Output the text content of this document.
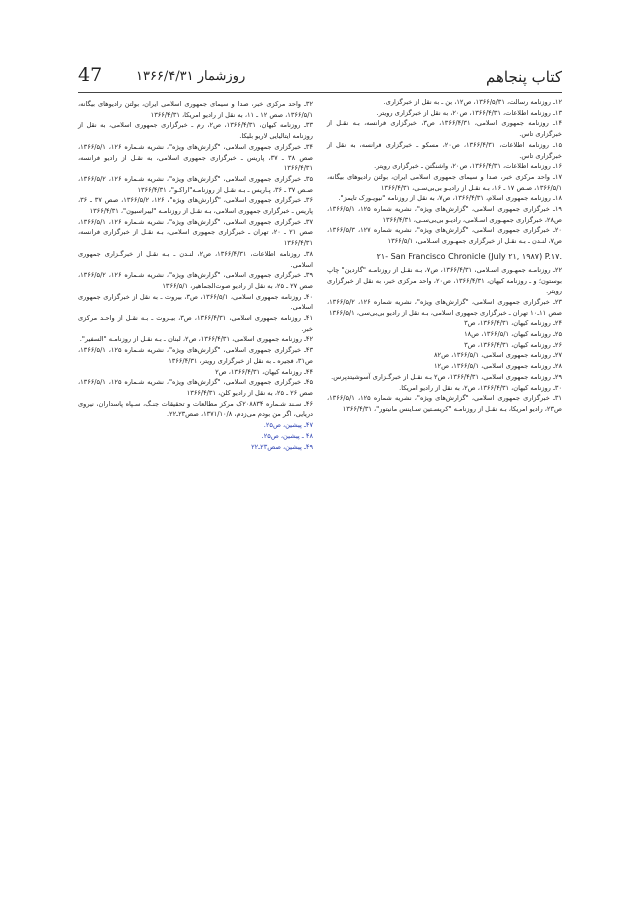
کتاب پنجاهم
روزشمار ۱۳۶۶/۴/۳۱
47
۱۲ـ روزنامه رسالت، ۱۳۶۶/۵/۳۱، ص۱۲، بن ـ به نقل از خبرگزاری.
۱۳ـ روزنامه اطلاعات، ۱۳۶۶/۴/۳۱، ص۲۰، به نقل از خبرگزاری رویتر.
۱۴ـ روزنامه جمهوری اسلامی، ۱۳۶۶/۴/۳۱، ص۳، خبرگزاری فرانسه، بـه نقـل از خبرگزاری تاس.
۱۵ـ روزنامه اطلاعات، ۱۳۶۶/۴/۳۱، ص۲۰، مسکو ـ خبرگزاری فرانسه، به نقل از خبرگزاری تاس.
۱۶ـ روزنامه اطلاعات، ۱۳۶۶/۴/۳۱، ص۲۰، واشنگتن ـ خبرگزاری رویتر.
۱۷ـ واحد مرکزی خبر، صدا و سیمای جمهوری اسلامی ایران، بولتن رادیوهای بیگانه، ۱۳۶۶/۵/۱، صـص ۱۷ ـ ۱۶، بـه نقـل از رادیـو بی‌بی‌سـی، ۱۳۶۶/۴/۳۱
۱۸ـ روزنامه جمهوری اسلام، ۱۳۶۶/۴/۳۱، ص۷، به نقل از روزنامه "نیویـورک تایمز".
۱۹ـ خبرگزاری جمهوری اسلامی، "گزارش‌های ویژه"، نشریه شماره ۱۲۵، ۱۳۶۶/۵/۱، ص۲۸، خبرگزاری جمهـوری اسـلامی، رادیـو بی‌بی‌سـی، ۱۳۶۶/۴/۳۱
۲۰ـ خبرگزاری جمهوری اسلامی، "گزارش‌های ویژه"، نشریه شماره ۱۲۷، ۱۳۶۶/۵/۳، ص۷، لنـدن ـ بـه نقـل از خبرگزاری جمهـوری اسـلامی، ۱۳۶۶/۵/۱
۲۱- San Francisco Chronicle (July ۲۱, ۱۹۸۷) P.۱۷.
۲۲ـ روزنامـه جمهـوری اسـلامی، ۱۳۶۶/۴/۳۱، ص۷، بـه نقـل از روزنامـه "گاردین" چاپ بوستون؛ و ـ روزنامه کیهان، ۱۳۶۶/۴/۳۱، ص۲۰، واحد مرکزی خبر، به نقل از خبرگزاری رویتر.
۲۳ـ خبرگزاری جمهوری اسلامی، "گزارش‌های ویژه"، نشریه شماره ۱۲۶، ۱۳۶۶/۵/۲، صص ۱۱ـ۱۰ تهران ـ خبرگزاری جمهوری اسلامی، بـه نقل از رادیو بی‌بی‌سی، ۱۳۶۶/۵/۱
۲۴ـ روزنامه کیهان، ۱۳۶۶/۴/۳۱، ص۳
۲۵ـ روزنامه کیهان، ۱۳۶۶/۵/۱، ص۱۸
۲۶ـ روزنامه کیهان، ۱۳۶۶/۴/۳۱، ص۳
۲۷ـ روزنامه جمهوری اسلامی، ۱۳۶۶/۵/۱، ص۸۲
۲۸ـ روزنامه جمهوری اسلامی، ۱۳۶۶/۵/۱، ص۱۲
۲۹ـ روزنامه جمهوری اسلامی، ۱۳۶۶/۴/۳۱، ص۲ بـه نقـل از خبرگـزاری آسوشیتدپرس.
۳۰ـ روزنامه کیهان، ۱۳۶۶/۴/۳۱، ص۲، به نقل از رادیو امریکا.
۳۱ـ خبرگزاری جمهوری اسلامی، "گزارش‌های ویژه"، نشریه شماره ۱۲۵، ۱۳۶۶/۵/۱، ص۲۳، رادیو امریکا، بـه نقـل از روزنامـه "کریسـتین سـاینس مانیتور"، ۱۳۶۶/۴/۳۱
۳۲ـ واحد مرکزی خبر، صدا و سیمای جمهوری اسلامی ایران، بولتن رادیوهای بیگانه، ۱۳۶۶/۵/۱، صص ۱۲ ـ ۱۱، به نقل از رادیو امریکا، ۱۳۶۶/۴/۳۱
۳۳ـ روزنامه کیهان، ۱۳۶۶/۴/۳۱، ص۲، رم ـ خبرگزاری جمهوری اسلامی، به نقل از روزنامه ایتالیایی لاریو بلیکا.
۳۴ـ خبرگزاری جمهوری اسلامی، "گزارش‌های ویژه"، نشریه شـماره ۱۲۶، ۱۳۶۶/۵/۱، صص ۳۸ ـ ۳۷، پاریس ـ خبرگزاری جمهوری اسلامی، به نقـل از رادیو فرانسه، ۱۳۶۶/۴/۳۱
۳۵ـ خبرگزاری جمهوری اسلامی، "گزارش‌های ویژه"، نشریه شـماره ۱۲۶، ۱۳۶۶/۵/۲، صـص ۳۷ ـ ۳۶، پـاریس ـ بـه نقـل از روزنامـه"اراکـو"، ۱۳۶۶/۴/۳۱
۳۶ـ خبرگزاری جمهوری اسلامی، "گزارش‌های ویژه"، ۱۲۶، ۱۳۶۶/۵/۲، صص ۳۷ ـ ۳۶، پاریس ـ خبرگزاری جمهوری اسلامی، بـه نقـل از روزنامـه "لیبراسیون"، ۱۳۶۶/۴/۳۱
۳۷ـ خبرگزاری جمهوری اسلامی، "گزارش‌های ویژه"، نشریه شـماره ۱۲۶، ۱۳۶۶/۵/۱، صص ۲۱ ـ ۲۰، تهران ـ خبرگزاری جمهوری اسلامی، بـه نقـل از خبرگزاری فرانسه، ۱۳۶۶/۴/۳۱
۳۸ـ روزنامه اطلاعات، ۱۳۶۶/۴/۳۱، ص۲، لنـدن ـ بـه نقـل از خبرگـزاری جمهوری اسلامی.
۳۹ـ خبرگزاری جمهوری اسلامی، "گزارش‌های ویژه"، نشریه شـماره ۱۲۶، ۱۳۶۶/۵/۲، صص ۲۷ ـ ۲۵، به نقل از رادیو صوت‌الجماهیر، ۱۳۶۶/۵/۱
۴۰ـ روزنامه جمهوری اسلامی، ۱۳۶۶/۵/۱، ص۳، بیروت ـ به نقل از خبرگزاری جمهوری اسلامی.
۴۱ـ روزنامه جمهوری اسلامی، ۱۳۶۶/۴/۳۱، ص۳، بیـروت ـ بـه نقـل از واحـد مرکزی خبر.
۴۲ـ روزنامه جمهوری اسلامی، ۱۳۶۶/۴/۳۱، ص۲، لبنان ـ بـه نقـل از روزنامـه "السفیر".
۴۳ـ خبرگزاری جمهوری اسلامی، "گزارش‌های ویژه"، نشریه شـماره ۱۲۵، ۱۳۶۶/۵/۱، ص۳۱، فجیره ـ به نقل از خبرگزاری رویتر، ۱۳۶۶/۴/۳۱
۴۴ـ روزنامه کیهان، ۱۳۶۶/۴/۳۱، ص۲
۴۵ـ خبرگزاری جمهوری اسلامی، "گزارش‌های ویژه"، نشریه شـماره ۱۲۵، ۱۳۶۶/۵/۱، صص ۲۶ ـ ۲۵، به نقل از رادیو کلن، ۱۳۶۶/۴/۳۱
۴۶ـ سـند شـماره ۲۰۸۸۳۴ک مرکز مطالعات و تحقیقات جنـگ، سـپاه پاسداران، نیروی دریایی، اگر من بودم می‌زدم، ۱۳۷۱/۱۰/۸، صص۲۳ـ۲۲.
۴۷ـ پیشین، ص۲۵.
۴۸ ـ پیشین، ص۲۵.
۴۹ـ پیشین، صص۲۳ـ۲۲
